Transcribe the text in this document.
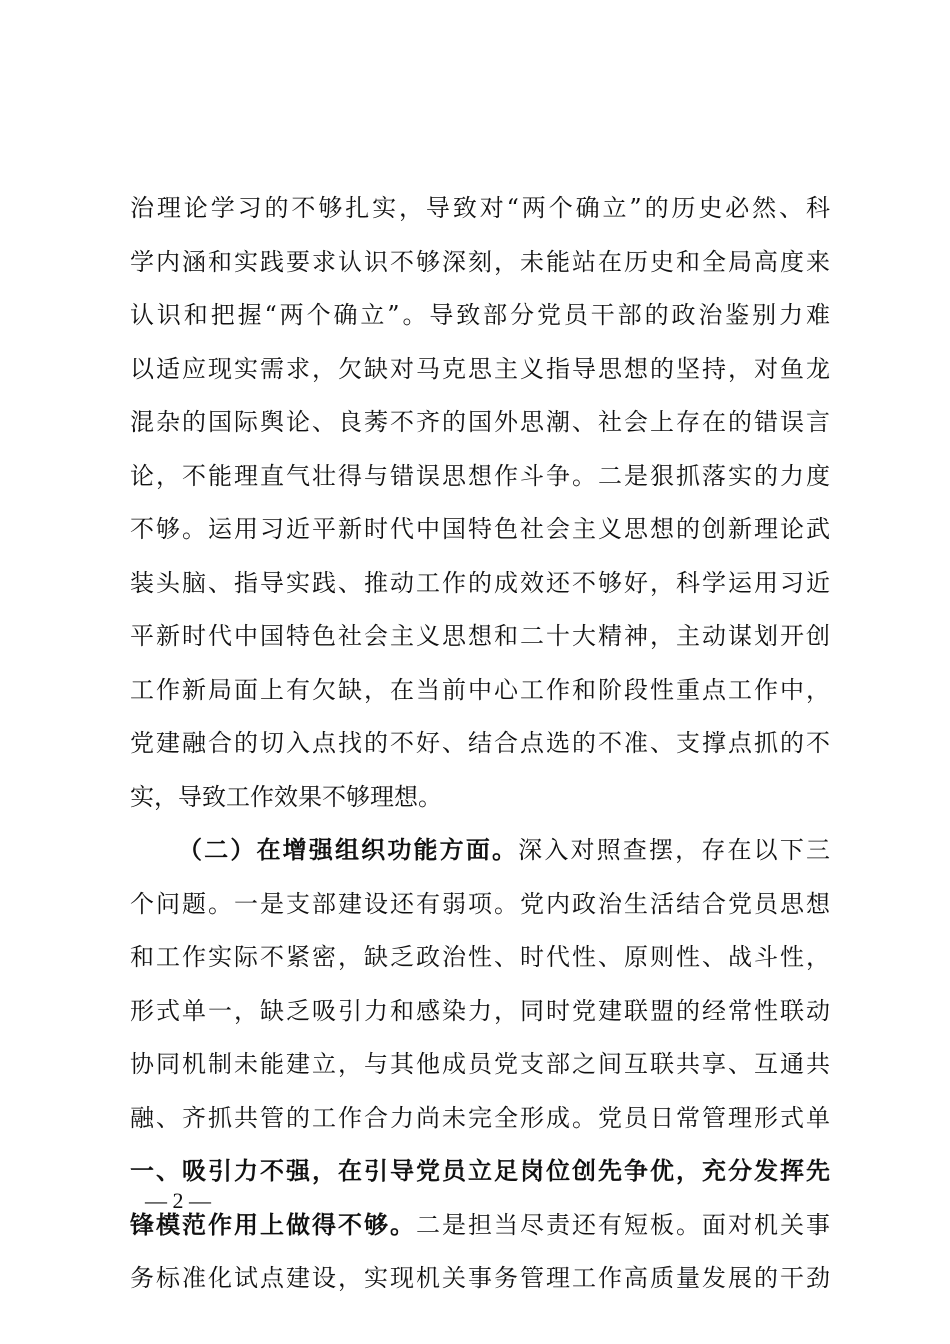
治理论学习的不够扎实，导致对“两个确立”的历史必然、科
学内涵和实践要求认识不够深刻，未能站在历史和全局高度来
认识和把握“两个确立”。导致部分党员干部的政治鉴别力难
以适应现实需求，欠缺对马克思主义指导思想的坚持，对鱼龙
混杂的国际舆论、良莠不齐的国外思潮、社会上存在的错误言
论，不能理直气壮得与错误思想作斗争。二是狠抓落实的力度
不够。运用习近平新时代中国特色社会主义思想的创新理论武
装头脑、指导实践、推动工作的成效还不够好，科学运用习近
平新时代中国特色社会主义思想和二十大精神，主动谋划开创
工作新局面上有欠缺，在当前中心工作和阶段性重点工作中，
党建融合的切入点找的不好、结合点选的不准、支撑点抓的不
实，导致工作效果不够理想。
（二）在增强组织功能方面。深入对照查摆，存在以下三
个问题。一是支部建设还有弱项。党内政治生活结合党员思想
和工作实际不紧密，缺乏政治性、时代性、原则性、战斗性，
形式单一，缺乏吸引力和感染力，同时党建联盟的经常性联动
协同机制未能建立，与其他成员党支部之间互联共享、互通共
融、齐抓共管的工作合力尚未完全形成。党员日常管理形式单
一、吸引力不强，在引导党员立足岗位创先争优，充分发挥先
锋模范作用上做得不够。二是担当尽责还有短板。面对机关事
务标准化试点建设，实现机关事务管理工作高质量发展的干劲
— 2 —
